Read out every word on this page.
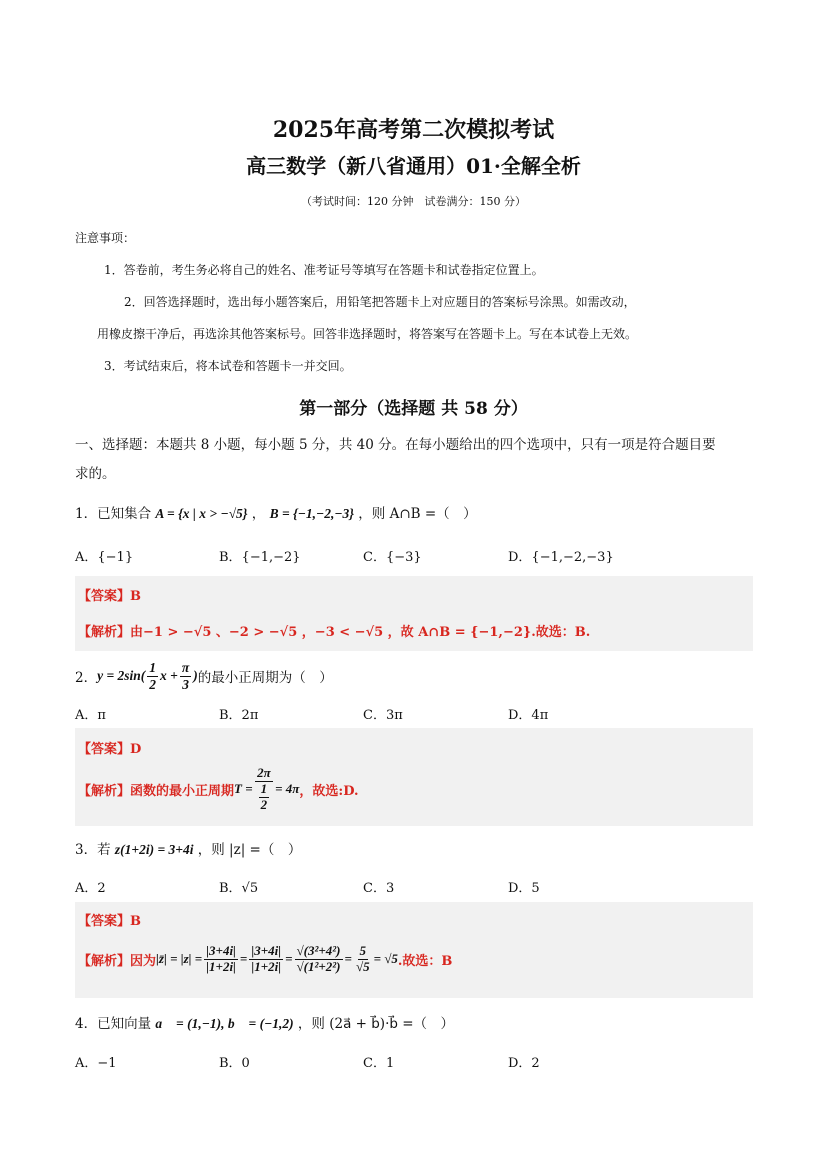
2025年高考第二次模拟考试
高三数学（新八省通用）01·全解全析
（考试时间：120 分钟　试卷满分：150 分）
注意事项：
1．答卷前，考生务必将自己的姓名、准考证号等填写在答题卡和试卷指定位置上。
2．回答选择题时，选出每小题答案后，用铅笔把答题卡上对应题目的答案标号涂黑。如需改动，
用橡皮擦干净后，再选涂其他答案标号。回答非选择题时，将答案写在答题卡上。写在本试卷上无效。
3．考试结束后，将本试卷和答题卡一并交回。
第一部分（选择题 共 58 分）
一、选择题：本题共 8 小题，每小题 5 分，共 40 分。在每小题给出的四个选项中，只有一项是符合题目要
求的。
1．已知集合 A = {x | x > −√5} ， B = {−1,−2,−3} ，则 A∩B =（　）
A．{−1}	B．{−1,−2}	C．{−3}	D．{−1,−2,−3}
【答案】B
【解析】由−1 > −√5 、−2 > −√5 ，−3 < −√5 ，故 A∩B = {−1,−2}.故选：B.
2． $y = 2\sin( \frac{1}{2}$ $x + \frac{\pi}{3}$ ) 的最小正周期为（　）
A．π	B．2π	C．3π	D．4π
【答案】D
【解析】 函数的最小正周期 $T = \frac{2\pi}{\frac{1}{2}} = 4\pi$ ，故选:D.
3．若 z(1+2i) = 3+4i ，则 |z| =（　）
A．2	B．√5	C．3	D．5
【答案】B
【解析】 因为 |z̄| = $|z| = \frac{|3+4i|}{|1+2i|} = \frac{|3+4i|}{|1+2i|} = \frac{\text{√(3²+4²)}}{\text{√(1²+2²)}} = \frac{5}{√5} = √5$ .故选：B
4．已知向量 a⃗ = (1,−1), b⃗ = (−1,2) ，则 (2a⃗ + b⃗)·b⃗ =（　）
A．−1	B．0	C．1	D．2
